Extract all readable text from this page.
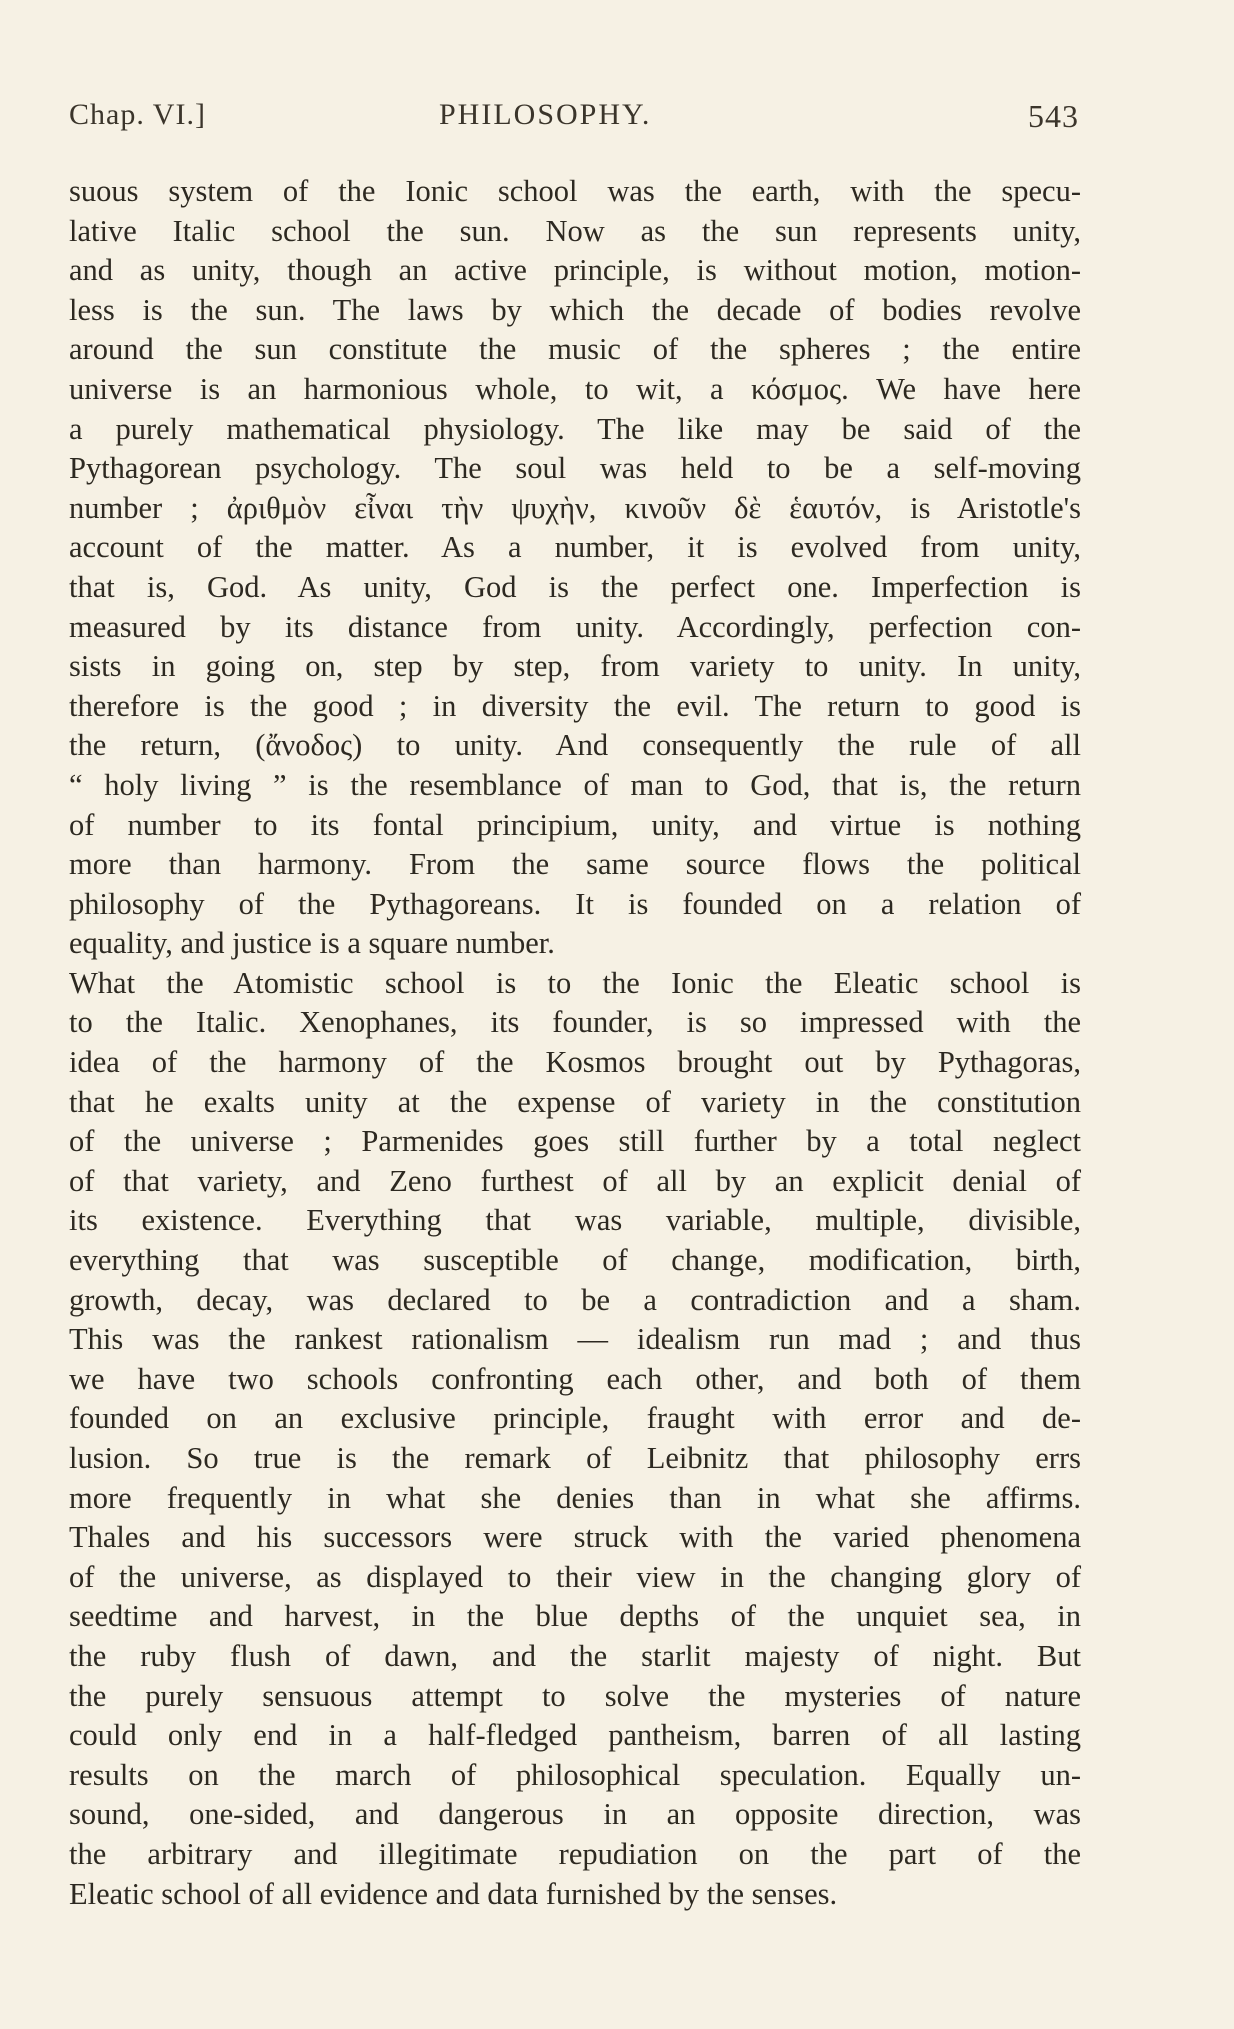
Chap. VI.]	PHILOSOPHY.	543
suous system of the Ionic school was the earth, with the specu-
lative Italic school the sun. Now as the sun represents unity,
and as unity, though an active principle, is without motion, motion-
less is the sun. The laws by which the decade of bodies revolve
around the sun constitute the music of the spheres ; the entire
universe is an harmonious whole, to wit, a κόσμος. We have here
a purely mathematical physiology. The like may be said of the
Pythagorean psychology. The soul was held to be a self-moving
number ; ἀριθμὸν εἶναι τὴν ψυχὴν, κινοῦν δὲ ἑαυτόν, is Aristotle's
account of the matter. As a number, it is evolved from unity,
that is, God. As unity, God is the perfect one. Imperfection is
measured by its distance from unity. Accordingly, perfection con-
sists in going on, step by step, from variety to unity. In unity,
therefore is the good ; in diversity the evil. The return to good is
the return, (ἄνοδος) to unity. And consequently the rule of all
“ holy living ” is the resemblance of man to God, that is, the return
of number to its fontal principium, unity, and virtue is nothing
more than harmony. From the same source flows the political
philosophy of the Pythagoreans. It is founded on a relation of
equality, and justice is a square number.
What the Atomistic school is to the Ionic the Eleatic school is
to the Italic. Xenophanes, its founder, is so impressed with the
idea of the harmony of the Kosmos brought out by Pythagoras,
that he exalts unity at the expense of variety in the constitution
of the universe ; Parmenides goes still further by a total neglect
of that variety, and Zeno furthest of all by an explicit denial of
its existence. Everything that was variable, multiple, divisible,
everything that was susceptible of change, modification, birth,
growth, decay, was declared to be a contradiction and a sham.
This was the rankest rationalism — idealism run mad ; and thus
we have two schools confronting each other, and both of them
founded on an exclusive principle, fraught with error and de-
lusion. So true is the remark of Leibnitz that philosophy errs
more frequently in what she denies than in what she affirms.
Thales and his successors were struck with the varied phenomena
of the universe, as displayed to their view in the changing glory of
seedtime and harvest, in the blue depths of the unquiet sea, in
the ruby flush of dawn, and the starlit majesty of night. But
the purely sensuous attempt to solve the mysteries of nature
could only end in a half-fledged pantheism, barren of all lasting
results on the march of philosophical speculation. Equally un-
sound, one-sided, and dangerous in an opposite direction, was
the arbitrary and illegitimate repudiation on the part of the
Eleatic school of all evidence and data furnished by the senses.
